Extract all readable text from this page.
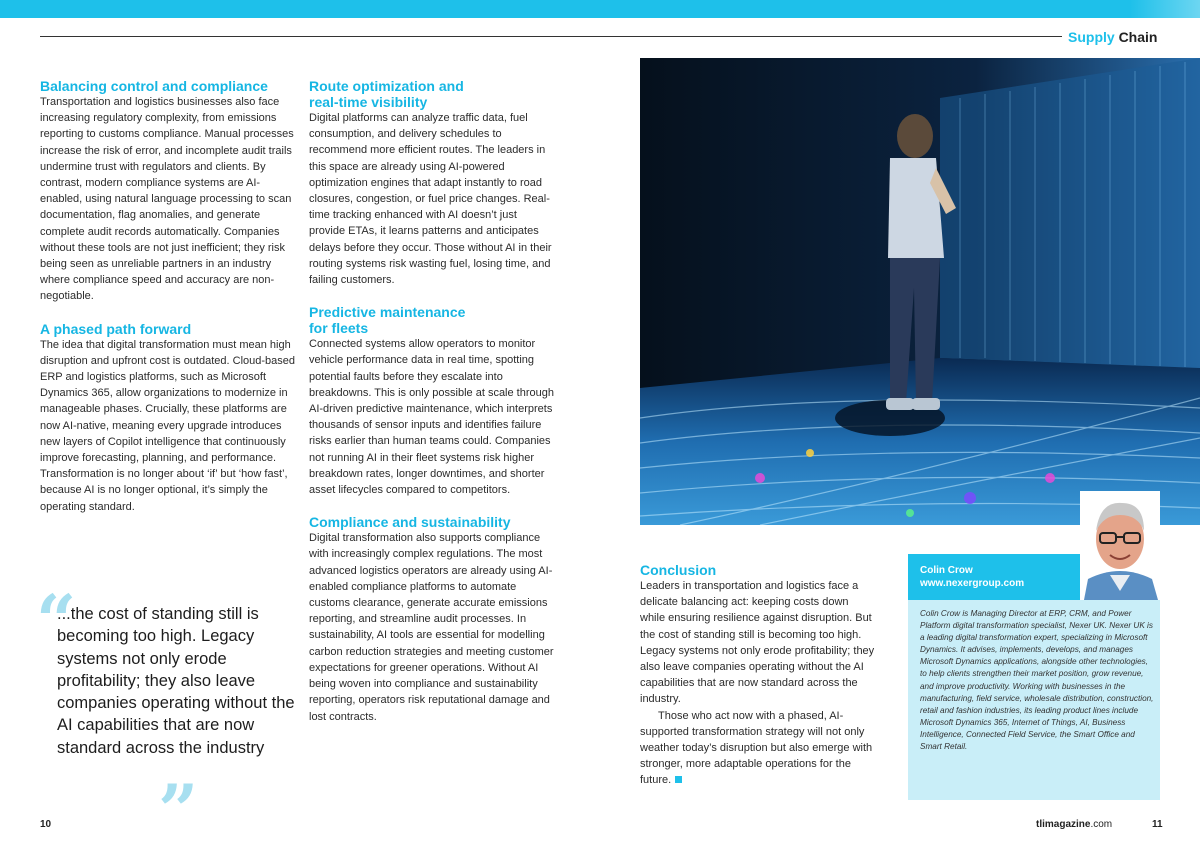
Supply Chain
Balancing control and compliance

Transportation and logistics businesses also face increasing regulatory complexity, from emissions reporting to customs compliance. Manual processes increase the risk of error, and incomplete audit trails undermine trust with regulators and clients. By contrast, modern compliance systems are AI-enabled, using natural language processing to scan documentation, flag anomalies, and generate complete audit records automatically. Companies without these tools are not just inefficient; they risk being seen as unreliable partners in an industry where compliance speed and accuracy are non-negotiable.

A phased path forward

The idea that digital transformation must mean high disruption and upfront cost is outdated. Cloud-based ERP and logistics platforms, such as Microsoft Dynamics 365, allow organizations to modernize in manageable phases. Crucially, these platforms are now AI-native, meaning every upgrade introduces new layers of Copilot intelligence that continuously improve forecasting, planning, and performance. Transformation is no longer about ‘if’ but ‘how fast’, because AI is no longer optional, it’s simply the operating standard.

“
...the cost of standing still is becoming too high. Legacy systems not only erode profitability; they also leave companies operating without the AI capabilities that are now standard across the industry
”
Route optimization and
real-time visibility

Digital platforms can analyze traffic data, fuel consumption, and delivery schedules to recommend more efficient routes. The leaders in this space are already using AI-powered optimization engines that adapt instantly to road closures, congestion, or fuel price changes. Real-time tracking enhanced with AI doesn’t just provide ETAs, it learns patterns and anticipates delays before they occur. Those without AI in their routing systems risk wasting fuel, losing time, and failing customers.

Predictive maintenance
for fleets

Connected systems allow operators to monitor vehicle performance data in real time, spotting potential faults before they escalate into breakdowns. This is only possible at scale through AI-driven predictive maintenance, which interprets thousands of sensor inputs and identifies failure risks earlier than human teams could. Companies not running AI in their fleet systems risk higher breakdown rates, longer downtimes, and shorter asset lifecycles compared to competitors.

Compliance and sustainability

Digital transformation also supports compliance with increasingly complex regulations. The most advanced logistics operators are already using AI-enabled compliance platforms to automate customs clearance, generate accurate emissions reporting, and streamline audit processes. In sustainability, AI tools are essential for modelling carbon reduction strategies and meeting customer expectations for greener operations. Without AI being woven into compliance and sustainability reporting, operators risk reputational damage and lost contracts.

Conclusion

Leaders in transportation and logistics face a delicate balancing act: keeping costs down while ensuring resilience against disruption. But the cost of standing still is becoming too high. Legacy systems not only erode profitability; they also leave companies operating without the AI capabilities that are now standard across the industry.

Those who act now with a phased, AI-supported transformation strategy will not only weather today’s disruption but also emerge with stronger, more adaptable operations for the future.

Colin Crow
www.nexergroup.com
Colin Crow is Managing Director at ERP, CRM, and Power Platform digital transformation specialist, Nexer UK. Nexer UK is a leading digital transformation expert, specializing in Microsoft Dynamics. It advises, implements, develops, and manages Microsoft Dynamics applications, alongside other technologies, to help clients strengthen their market position, grow revenue, and improve productivity. Working with businesses in the manufacturing, field service, wholesale distribution, construction, retail and fashion industries, its leading product lines include Microsoft Dynamics 365, Internet of Things, AI, Business Intelligence, Connected Field Service, the Smart Office and Smart Retail.
10	tlimagazine.com	11
